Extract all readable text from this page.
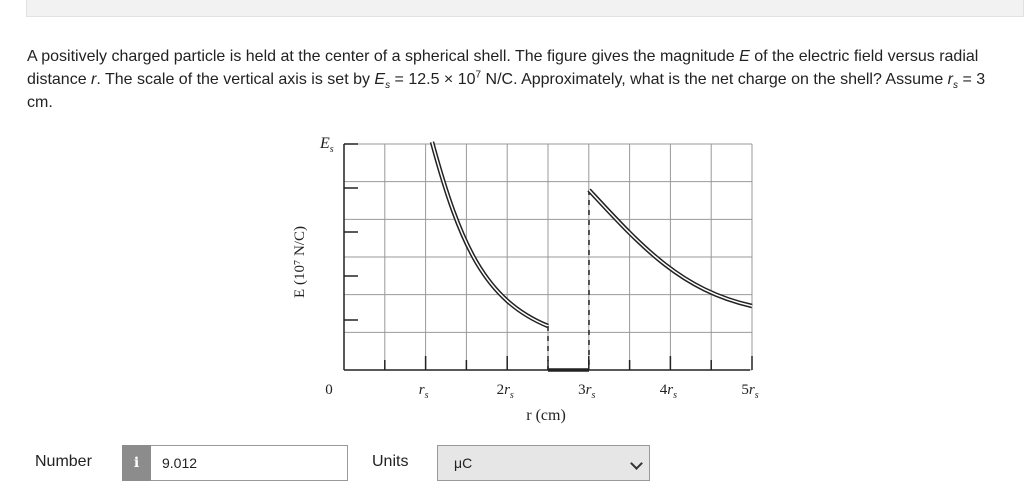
A positively charged particle is held at the center of a spherical shell. The figure gives the magnitude E of the electric field versus radial distance r. The scale of the vertical axis is set by $E_s = 12.5 \times 10^7$ N/C. Approximately, what is the net charge on the shell? Assume $r_s = 3$ cm.
$E_s$
E (10⁷ N/C)
0	$r_s$	$2r_s$	$3r_s$	$4r_s$	$5r_s$
r (cm)
Number	i
9.012	Units	μC
